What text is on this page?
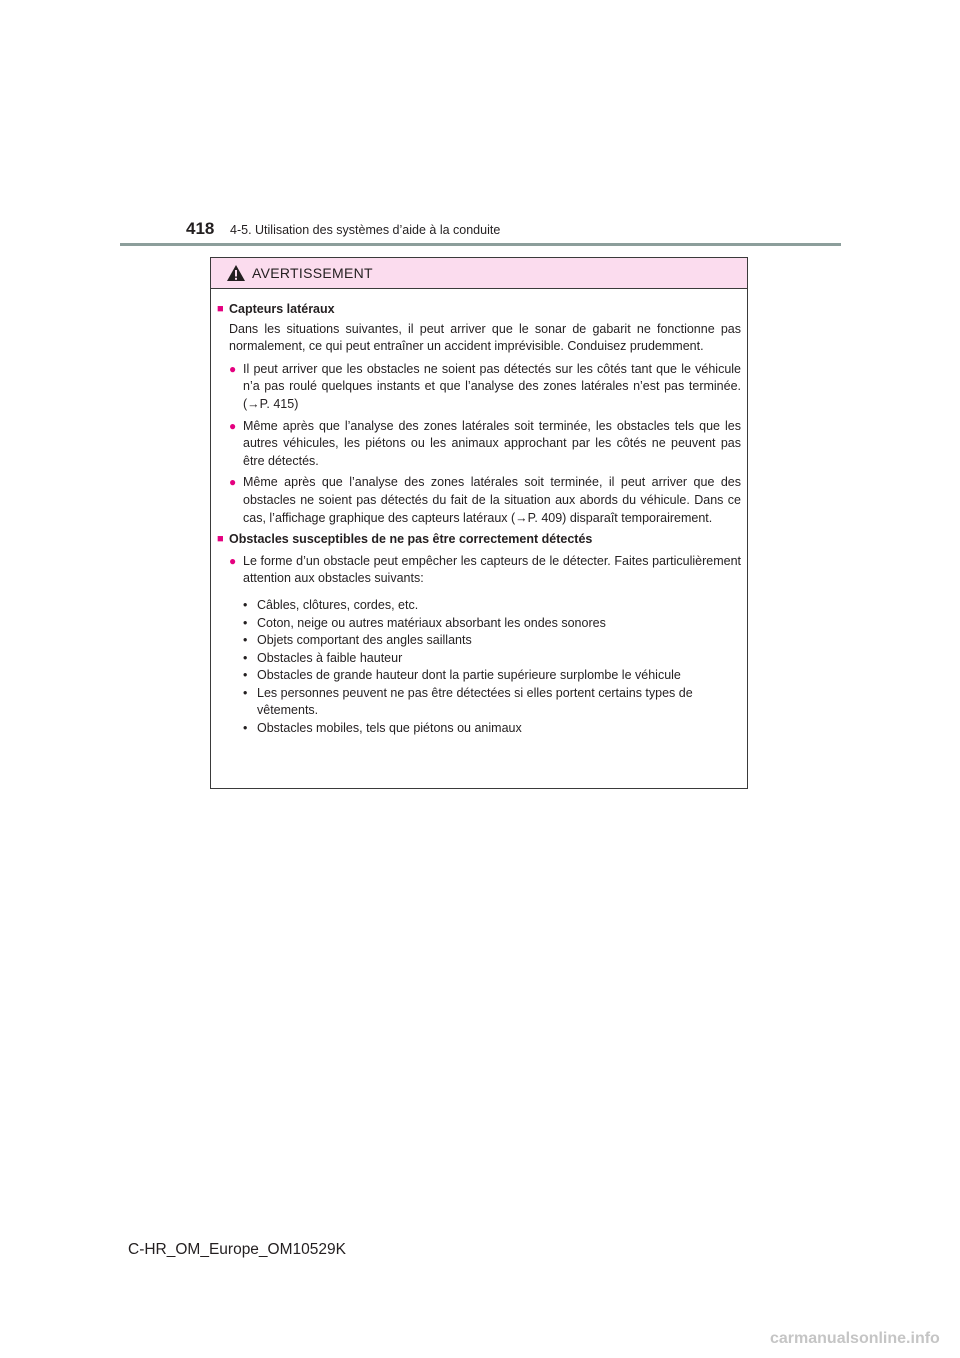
418 4-5. Utilisation des systèmes d’aide à la conduite
AVERTISSEMENT
■ Capteurs latéraux
Dans les situations suivantes, il peut arriver que le sonar de gabarit ne fonctionne pas normalement, ce qui peut entraîner un accident imprévisible. Conduisez prudemment.
● Il peut arriver que les obstacles ne soient pas détectés sur les côtés tant que le véhicule n’a pas roulé quelques instants et que l’analyse des zones latérales n’est pas terminée. (→P. 415)
● Même après que l’analyse des zones latérales soit terminée, les obstacles tels que les autres véhicules, les piétons ou les animaux approchant par les côtés ne peuvent pas être détectés.
● Même après que l’analyse des zones latérales soit terminée, il peut arriver que des obstacles ne soient pas détectés du fait de la situation aux abords du véhicule. Dans ce cas, l’affichage graphique des capteurs latéraux (→P. 409) disparaît temporairement.
■ Obstacles susceptibles de ne pas être correctement détectés
● Le forme d’un obstacle peut empêcher les capteurs de le détecter. Faites particulièrement attention aux obstacles suivants:
• Câbles, clôtures, cordes, etc.
• Coton, neige ou autres matériaux absorbant les ondes sonores
• Objets comportant des angles saillants
• Obstacles à faible hauteur
• Obstacles de grande hauteur dont la partie supérieure surplombe le véhicule
• Les personnes peuvent ne pas être détectées si elles portent certains types de vêtements.
• Obstacles mobiles, tels que piétons ou animaux
C-HR_OM_Europe_OM10529K
carmanualsonline.info
